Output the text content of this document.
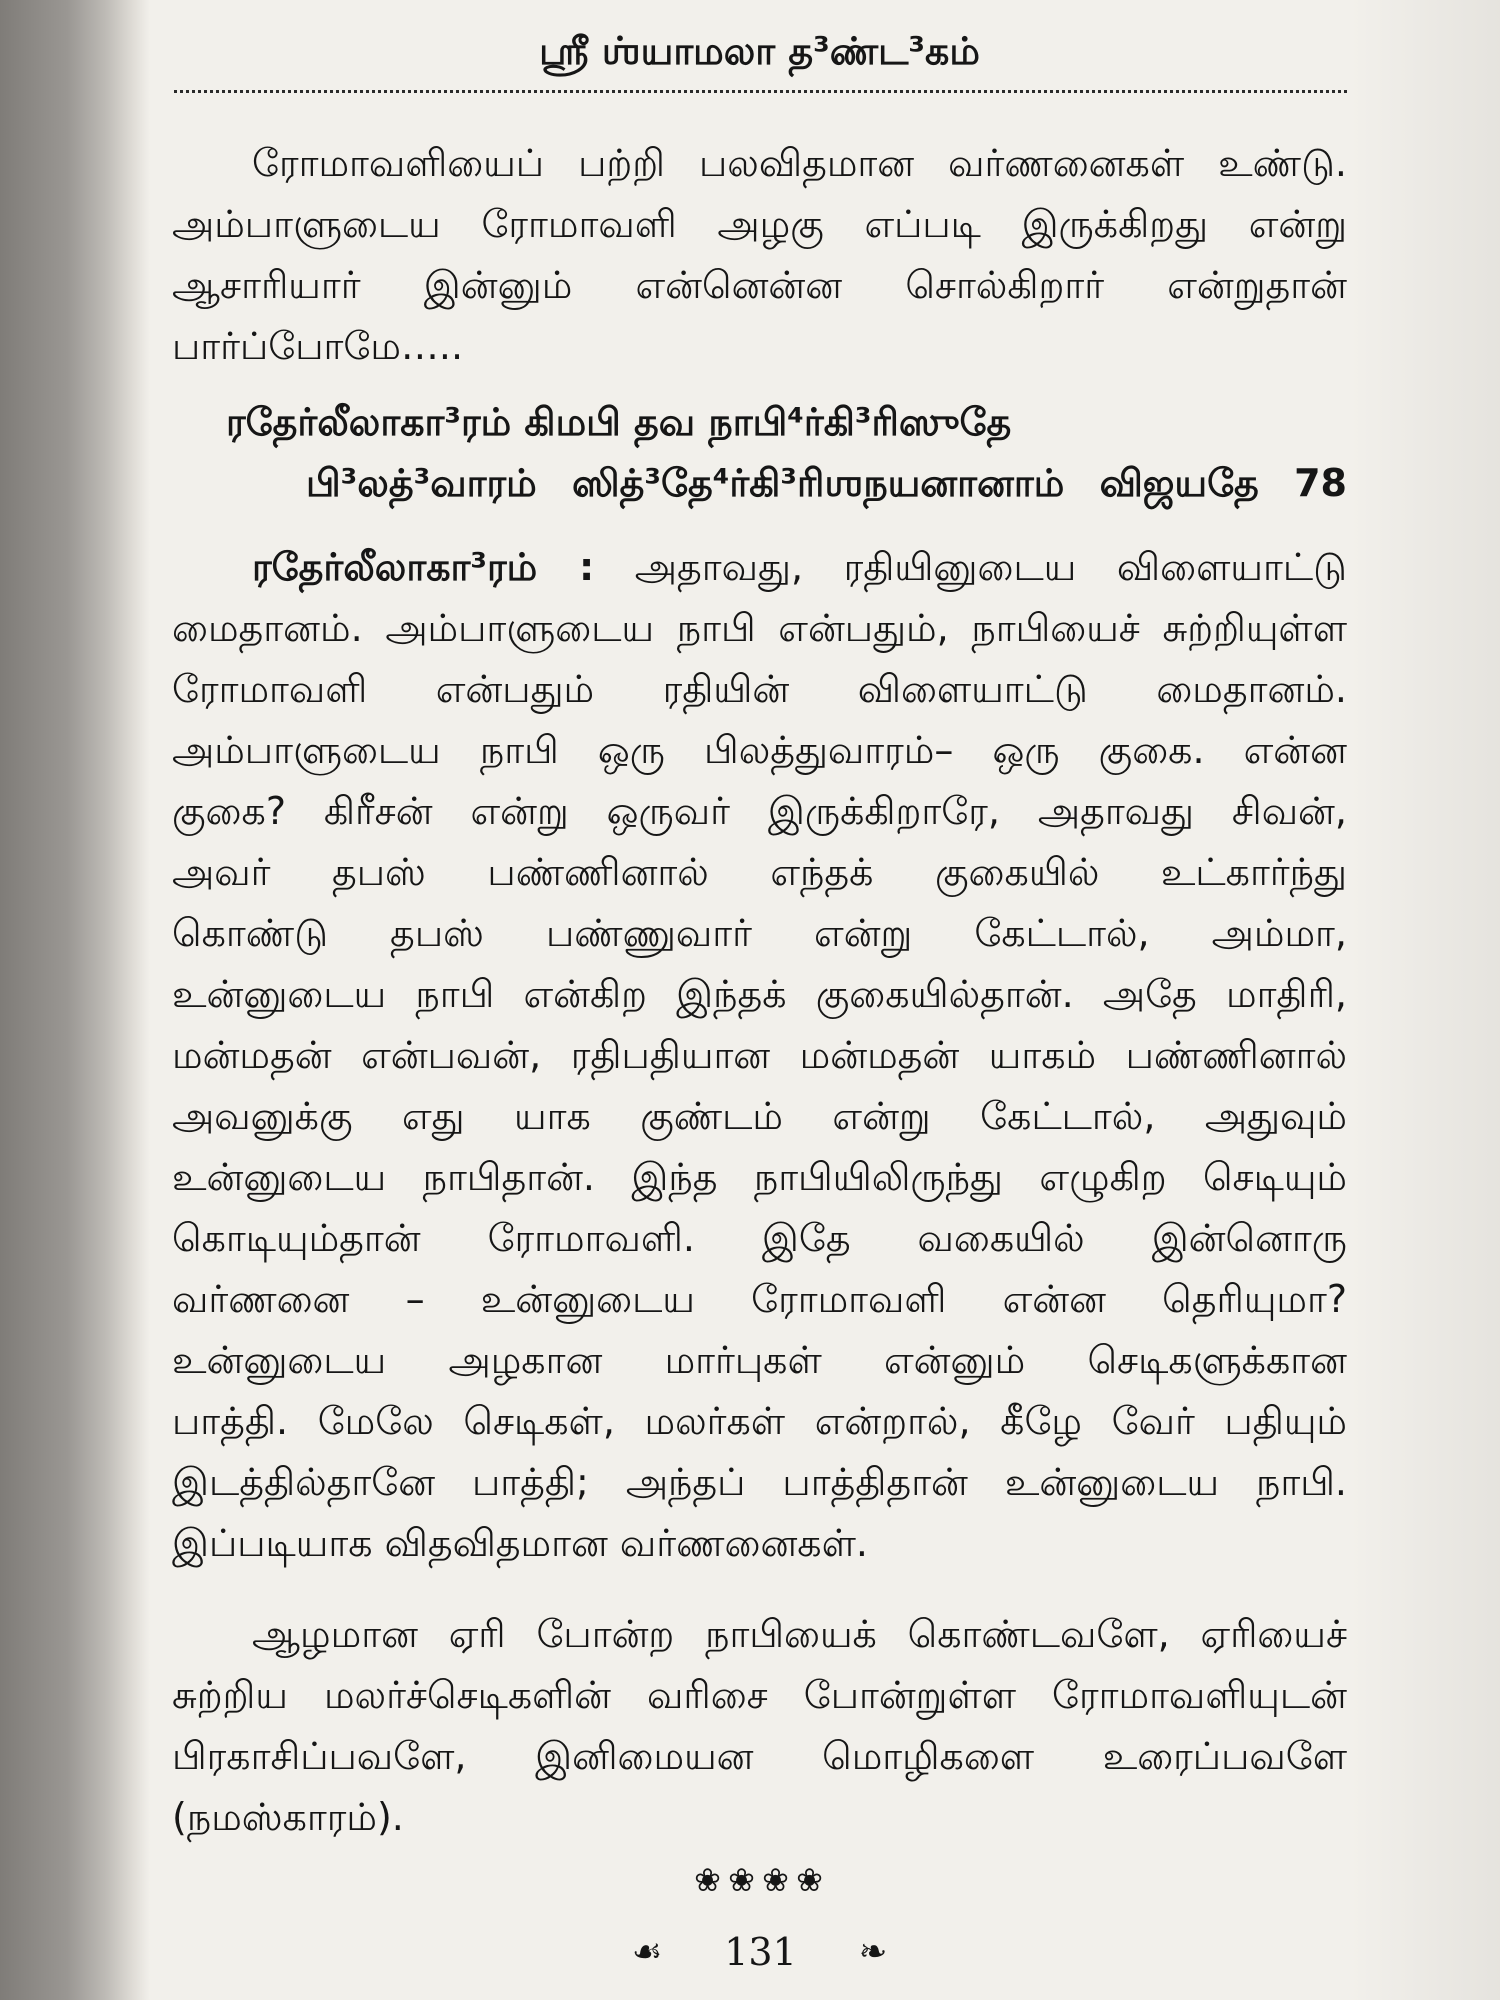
ஸ்ரீ ஶ்யாமலா த³ண்ட³கம்
ரோமாவளியைப் பற்றி பலவிதமான வர்ணனைகள் உண்டு.
அம்பாளுடைய ரோமாவளி அழகு எப்படி இருக்கிறது என்று
ஆசாரியார் இன்னும் என்னென்ன சொல்கிறார் என்றுதான்
பார்ப்போமே…..
ரதேர்லீலாகா³ரம் கிமபி தவ நாபி⁴ர்கி³ரிஸுதே
பி³லத்³வாரம் ஸித்³தே⁴ர்கி³ரிஶநயனானாம் விஜயதே 78
ரதேர்லீலாகா³ரம் : அதாவது, ரதியினுடைய விளையாட்டு
மைதானம். அம்பாளுடைய நாபி என்பதும், நாபியைச் சுற்றியுள்ள
ரோமாவளி என்பதும் ரதியின் விளையாட்டு மைதானம்.
அம்பாளுடைய நாபி ஒரு பிலத்துவாரம்– ஒரு குகை. என்ன
குகை? கிரீசன் என்று ஒருவர் இருக்கிறாரே, அதாவது சிவன்,
அவர் தபஸ் பண்ணினால் எந்தக் குகையில் உட்கார்ந்து
கொண்டு தபஸ் பண்ணுவார் என்று கேட்டால், அம்மா,
உன்னுடைய நாபி என்கிற இந்தக் குகையில்தான். அதே மாதிரி,
மன்மதன் என்பவன், ரதிபதியான மன்மதன் யாகம் பண்ணினால்
அவனுக்கு எது யாக குண்டம் என்று கேட்டால், அதுவும்
உன்னுடைய நாபிதான். இந்த நாபியிலிருந்து எழுகிற செடியும்
கொடியும்தான் ரோமாவளி. இதே வகையில் இன்னொரு
வர்ணனை – உன்னுடைய ரோமாவளி என்ன தெரியுமா?
உன்னுடைய அழகான மார்புகள் என்னும் செடிகளுக்கான
பாத்தி. மேலே செடிகள், மலர்கள் என்றால், கீழே வேர் பதியும்
இடத்தில்தானே பாத்தி; அந்தப் பாத்திதான் உன்னுடைய நாபி.
இப்படியாக விதவிதமான வர்ணனைகள்.
ஆழமான ஏரி போன்ற நாபியைக் கொண்டவளே, ஏரியைச்
சுற்றிய மலர்ச்செடிகளின் வரிசை போன்றுள்ள ரோமாவளியுடன்
பிரகாசிப்பவளே, இனிமையன மொழிகளை உரைப்பவளே
(நமஸ்காரம்).
❀ ❀ ❀ ❀
☙ 131 ❧
